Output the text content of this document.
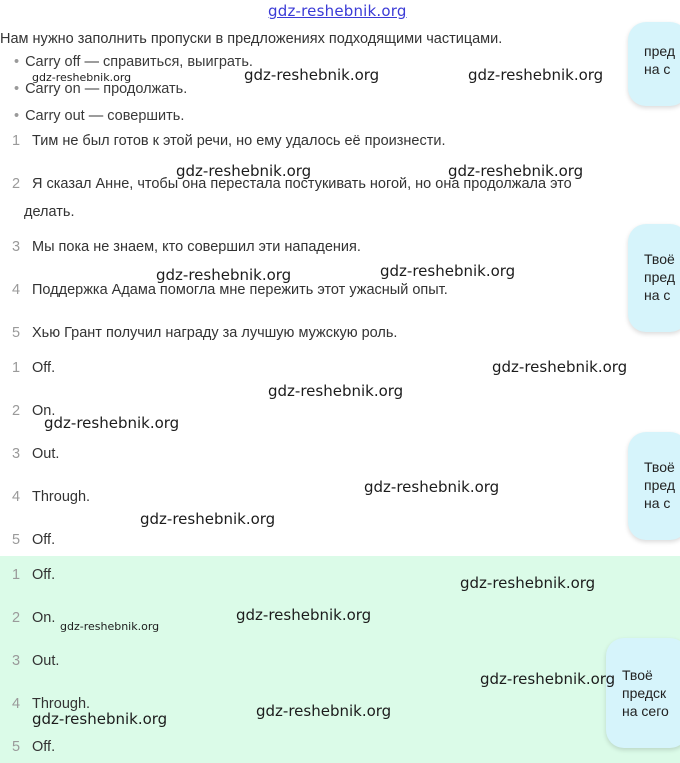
gdz-reshebnik.org
Нам нужно заполнить пропуски в предложениях подходящими частицами.
• Carry off — справиться, выиграть.
• Carry on — продолжать.
• Carry out — совершить.
1 Тим не был готов к этой речи, но ему удалось её произнести.
2 Я сказал Анне, чтобы она перестала постукивать ногой, но она продолжала это
делать.
3 Мы пока не знаем, кто совершил эти нападения.
4 Поддержка Адама помогла мне пережить этот ужасный опыт.
5 Хью Грант получил награду за лучшую мужскую роль.
1 Off.
2 On.
3 Out.
4 Through.
5 Off.
1 Off.
2 On.
3 Out.
4 Through.
5 Off.
пред
на с
Твоё
пред
на с
Твоё
пред
на с
Твоё
предск
на сего
gdz-reshebnik.org	gdz-reshebnik.org	gdz-reshebnik.org
gdz-reshebnik.org	gdz-reshebnik.org
gdz-reshebnik.org	gdz-reshebnik.org
gdz-reshebnik.org
gdz-reshebnik.org
gdz-reshebnik.org
gdz-reshebnik.org
gdz-reshebnik.org
gdz-reshebnik.org
gdz-reshebnik.org
gdz-reshebnik.org
gdz-reshebnik.org
gdz-reshebnik.org
gdz-reshebnik.org
